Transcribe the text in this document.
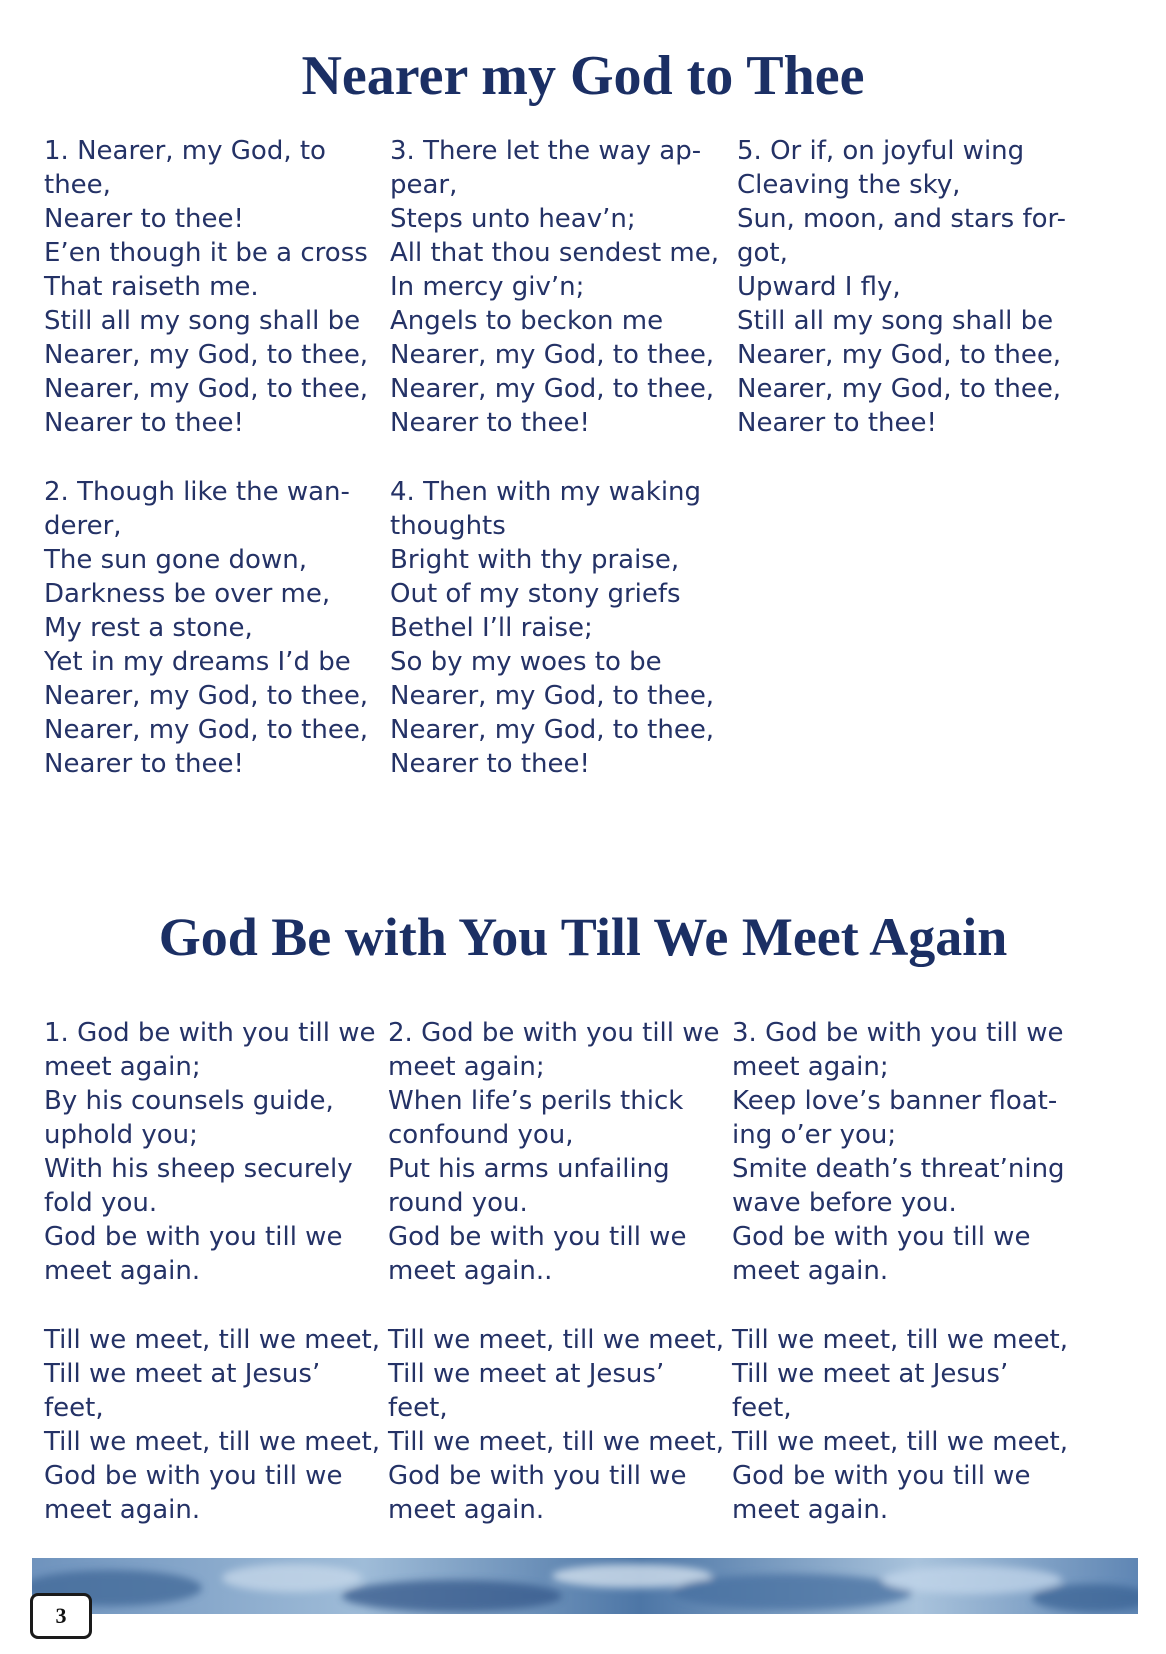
Nearer my God to Thee
1. Nearer, my God, to
thee,
Nearer to thee!
E’en though it be a cross
That raiseth me.
Still all my song shall be
Nearer, my God, to thee,
Nearer, my God, to thee,
Nearer to thee!
2. Though like the wan-
derer,
The sun gone down,
Darkness be over me,
My rest a stone,
Yet in my dreams I’d be
Nearer, my God, to thee,
Nearer, my God, to thee,
Nearer to thee!
3. There let the way ap-
pear,
Steps unto heav’n;
All that thou sendest me,
In mercy giv’n;
Angels to beckon me
Nearer, my God, to thee,
Nearer, my God, to thee,
Nearer to thee!
4. Then with my waking
thoughts
Bright with thy praise,
Out of my stony griefs
Bethel I’ll raise;
So by my woes to be
Nearer, my God, to thee,
Nearer, my God, to thee,
Nearer to thee!
5. Or if, on joyful wing
Cleaving the sky,
Sun, moon, and stars for-
got,
Upward I fly,
Still all my song shall be
Nearer, my God, to thee,
Nearer, my God, to thee,
Nearer to thee!
God Be with You Till We Meet Again
1. God be with you till we
meet again;
By his counsels guide,
uphold you;
With his sheep securely
fold you.
God be with you till we
meet again.
Till we meet, till we meet,
Till we meet at Jesus’
feet,
Till we meet, till we meet,
God be with you till we
meet again.
2. God be with you till we
meet again;
When life’s perils thick
confound you,
Put his arms unfailing
round you.
God be with you till we
meet again..
Till we meet, till we meet,
Till we meet at Jesus’
feet,
Till we meet, till we meet,
God be with you till we
meet again.
3. God be with you till we
meet again;
Keep love’s banner float-
ing o’er you;
Smite death’s threat’ning
wave before you.
God be with you till we
meet again.
Till we meet, till we meet,
Till we meet at Jesus’
feet,
Till we meet, till we meet,
God be with you till we
meet again.
3
